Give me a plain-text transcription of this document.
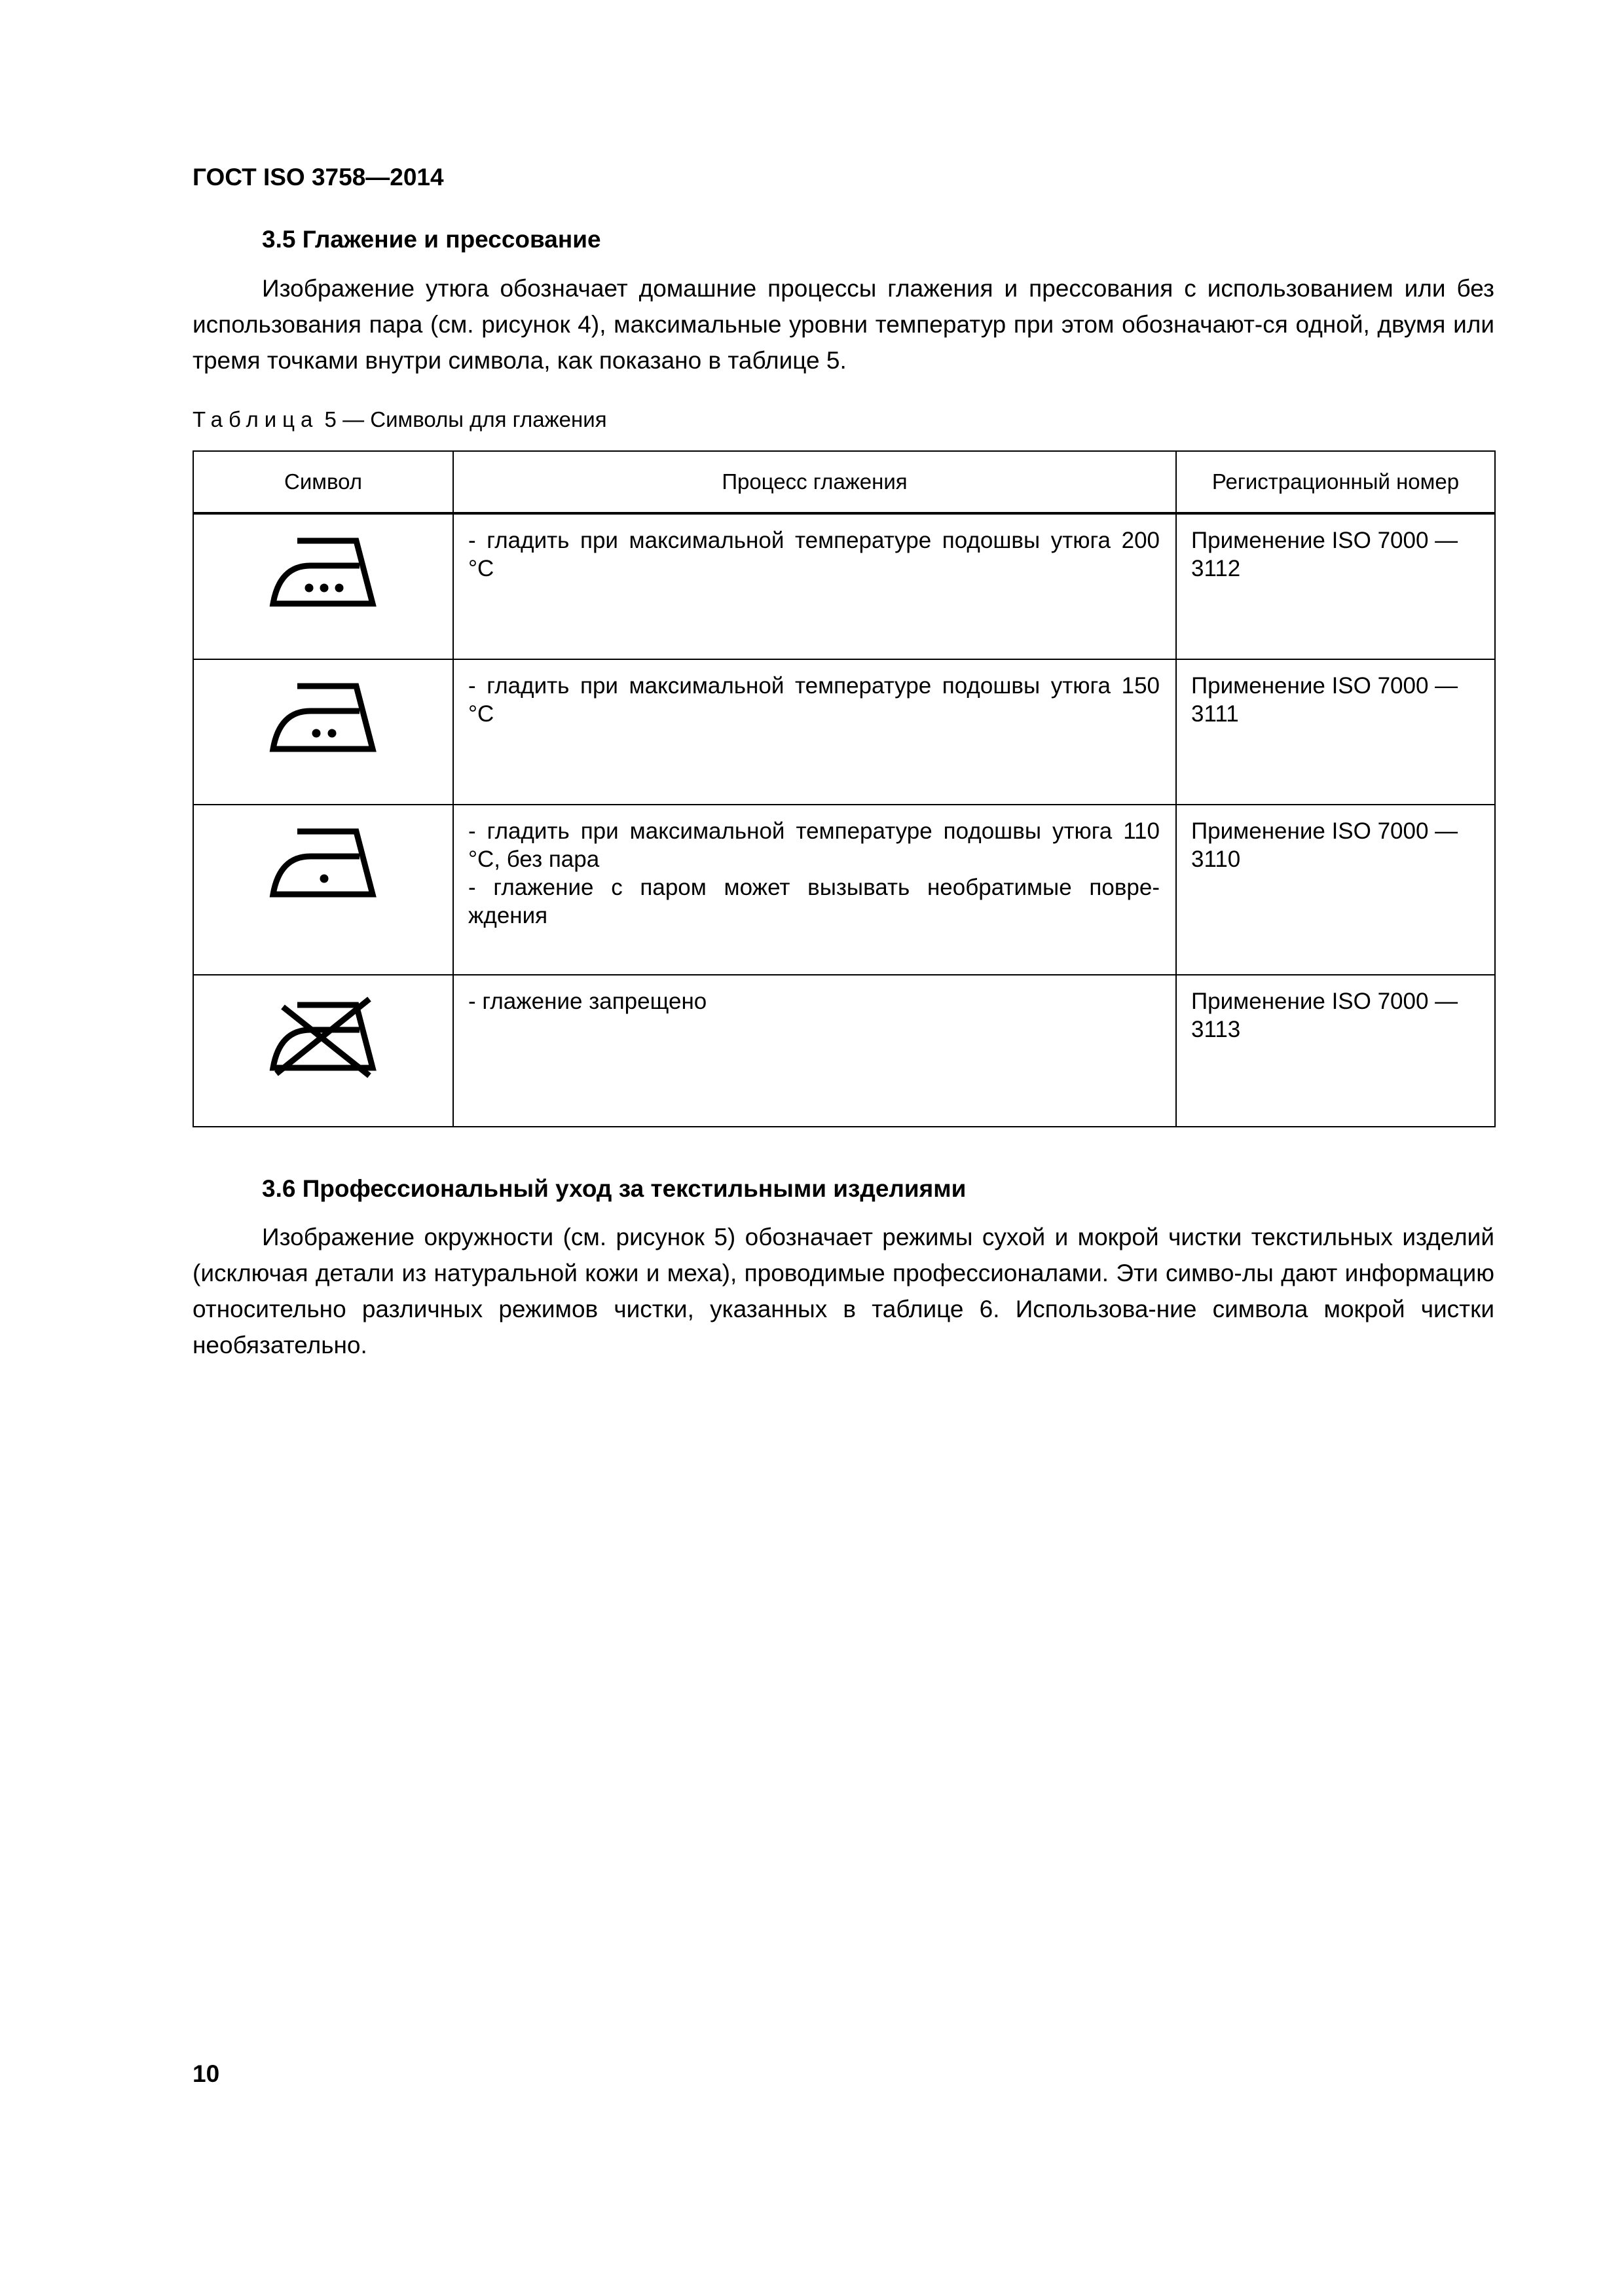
ГОСТ ISO 3758—2014
3.5 Глажение и прессование

Изображение утюга обозначает домашние процессы глажения и прессования с использованием или без использования пара (см. рисунок 4), максимальные уровни температур при этом обозначают-ся одной, двумя или тремя точками внутри символа, как показано в таблице 5.

Таблица 5 — Символы для глажения
Символ	Процесс глажения	Регистрационный номер

- гладить при максимальной температуре подошвы утюга 200 °С	Применение ISO 7000 — 3112

- гладить при максимальной температуре подошвы утюга 150 °С	Применение ISO 7000 — 3111

- гладить при максимальной температуре подошвы утюга 110 °С, без пара
- глажение с паром может вызывать необратимые повре-ждения	Применение ISO 7000 — 3110

- глажение запрещено	Применение ISO 7000 — 3113
3.6 Профессиональный уход за текстильными изделиями

Изображение окружности (см. рисунок 5) обозначает режимы сухой и мокрой чистки текстильных изделий (исключая детали из натуральной кожи и меха), проводимые профессионалами. Эти симво-лы дают информацию относительно различных режимов чистки, указанных в таблице 6. Использова-ние символа мокрой чистки необязательно.

10
